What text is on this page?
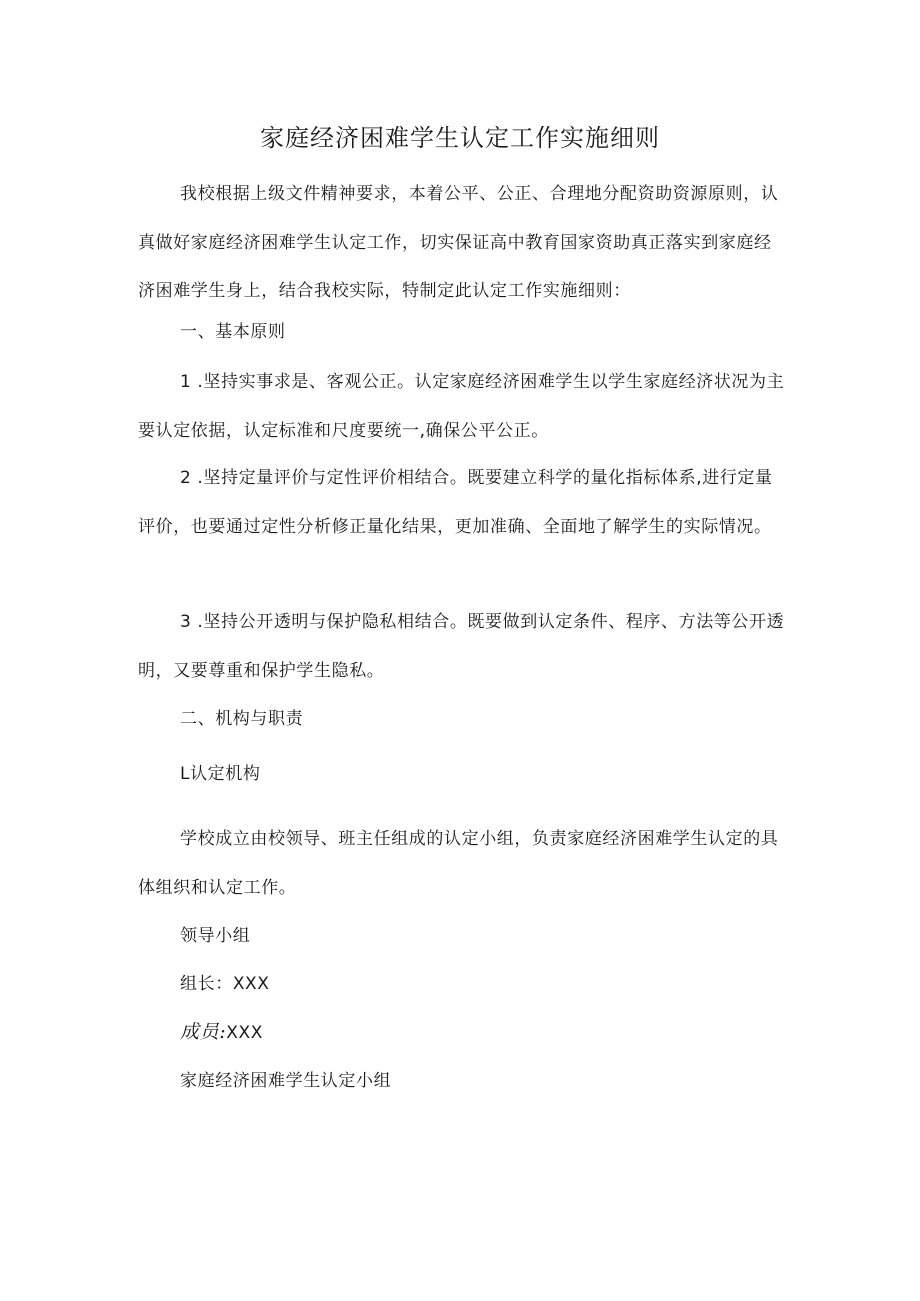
家庭经济困难学生认定工作实施细则

我校根据上级文件精神要求，本着公平、公正、合理地分配资助资源原则，认真做好家庭经济困难学生认定工作，切实保证高中教育国家资助真正落实到家庭经济困难学生身上，结合我校实际，特制定此认定工作实施细则：

一、基本原则

1 .坚持实事求是、客观公正。认定家庭经济困难学生以学生家庭经济状况为主要认定依据，认定标准和尺度要统一,确保公平公正。

2 .坚持定量评价与定性评价相结合。既要建立科学的量化指标体系,进行定量评价，也要通过定性分析修正量化结果，更加准确、全面地了解学生的实际情况。

3 .坚持公开透明与保护隐私相结合。既要做到认定条件、程序、方法等公开透明，又要尊重和保护学生隐私。

二、机构与职责

L认定机构

学校成立由校领导、班主任组成的认定小组，负责家庭经济困难学生认定的具体组织和认定工作。

领导小组

组长：XXX

成员:XXX

家庭经济困难学生认定小组
